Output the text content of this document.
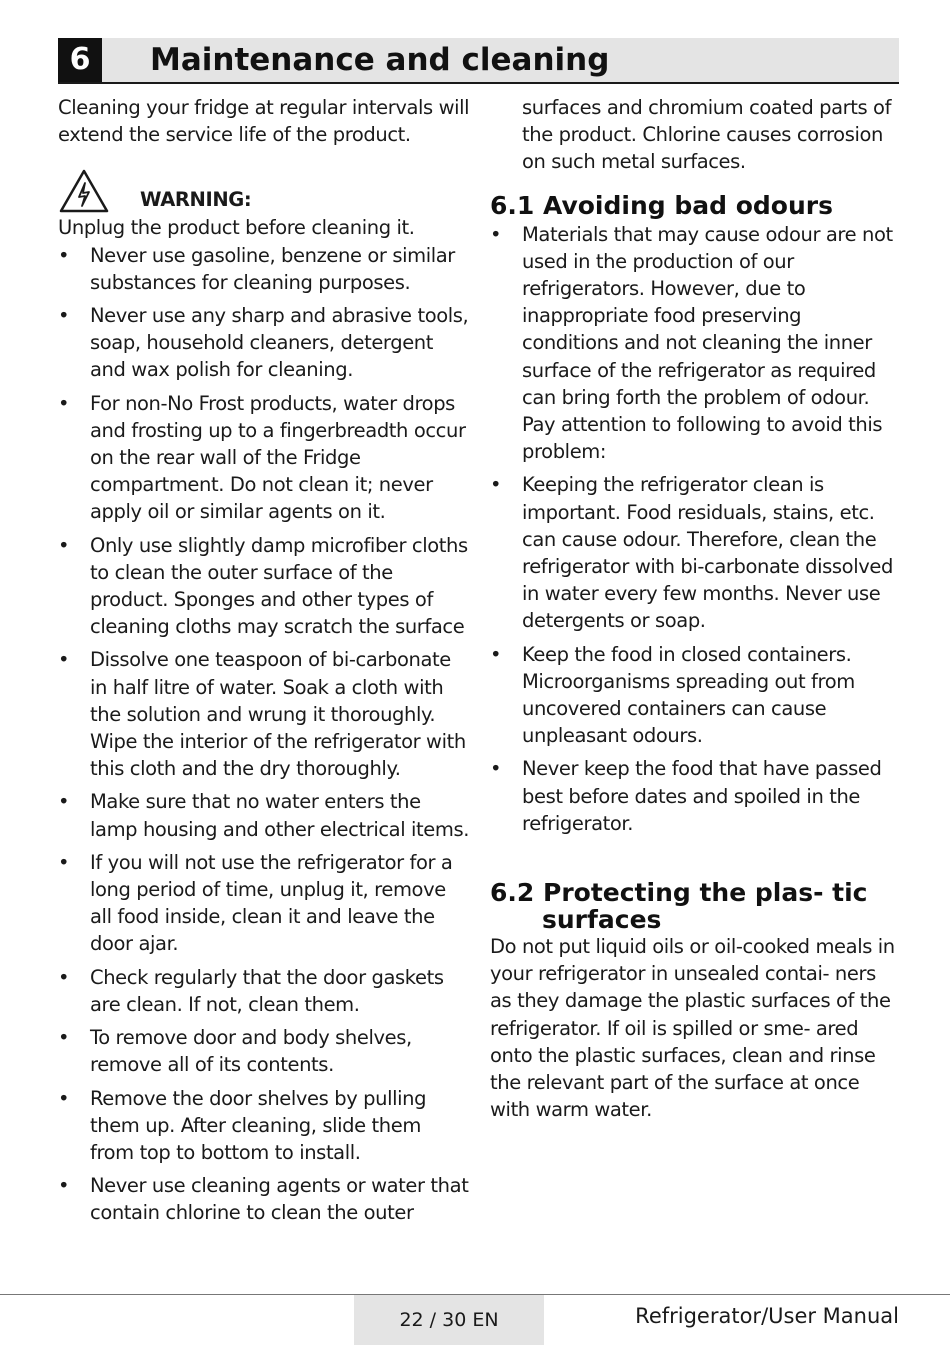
6	Maintenance and cleaning

Cleaning your fridge at regular intervals will extend the service life of the product.

WARNING:

Unplug the product before cleaning it.

• Never use gasoline, benzene or similar substances for cleaning purposes.
• Never use any sharp and abrasive tools, soap, household cleaners, detergent and wax polish for cleaning.
• For non-No Frost products, water drops and frosting up to a fingerbreadth occur on the rear wall of the Fridge compartment. Do not clean it; never apply oil or similar agents on it.
• Only use slightly damp microfiber cloths to clean the outer surface of the product. Sponges and other types of cleaning cloths may scratch the surface
• Dissolve one teaspoon of bi-carbonate in half litre of water. Soak a cloth with the solution and wrung it thoroughly. Wipe the interior of the refrigerator with this cloth and the dry thoroughly.
• Make sure that no water enters the lamp housing and other electrical items.
• If you will not use the refrigerator for a long period of time, unplug it, remove all food inside, clean it and leave the door ajar.
• Check regularly that the door gaskets are clean. If not, clean them.
• To remove door and body shelves, remove all of its contents.
• Remove the door shelves by pulling them up. After cleaning, slide them from top to bottom to install.
• Never use cleaning agents or water that contain chlorine to clean the outer

surfaces and chromium coated parts of the product. Chlorine causes corrosion on such metal surfaces.

6.1 Avoiding bad odours
• Materials that may cause odour are not used in the production of our refrigerators. However, due to inappropriate food preserving conditions and not cleaning the inner surface of the refrigerator as required can bring forth the problem of odour. Pay attention to following to avoid this problem:
• Keeping the refrigerator clean is important. Food residuals, stains, etc. can cause odour. Therefore, clean the refrigerator with bi-carbonate dissolved in water every few months. Never use detergents or soap.
• Keep the food in closed containers. Microorganisms spreading out from uncovered containers can cause unpleasant odours.
• Never keep the food that have passed best before dates and spoiled in the refrigerator.
6.2 Protecting the plas- tic surfaces

Do not put liquid oils or oil-cooked meals in your refrigerator in unsealed contai- ners as they damage the plastic surfaces of the refrigerator. If oil is spilled or sme- ared onto the plastic surfaces, clean and rinse the relevant part of the surface at once with warm water.

22 / 30 EN	Refrigerator/User Manual
